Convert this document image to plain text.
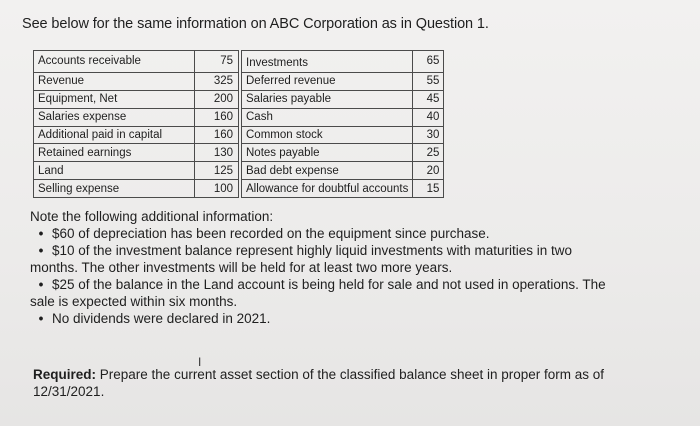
See below for the same information on ABC Corporation as in Question 1.
Accounts receivable	75		Investments	65
Revenue	325		Deferred revenue	55
Equipment, Net	200		Salaries payable	45
Salaries expense	160		Cash	40
Additional paid in capital	160		Common stock	30
Retained earnings	130		Notes payable	25
Land	125		Bad debt expense	20
Selling expense	100		Allowance for doubtful accounts	15

Note the following additional information:

• $60 of depreciation has been recorded on the equipment since purchase.
• $10 of the investment balance represent highly liquid investments with maturities in two
months. The other investments will be held for at least two more years.
• $25 of the balance in the Land account is being held for sale and not used in operations. The
sale is expected within six months.
• No dividends were declared in 2021.
Required: Prepare the current asset section of the classified balance sheet in proper form as of
12/31/2021.
I
